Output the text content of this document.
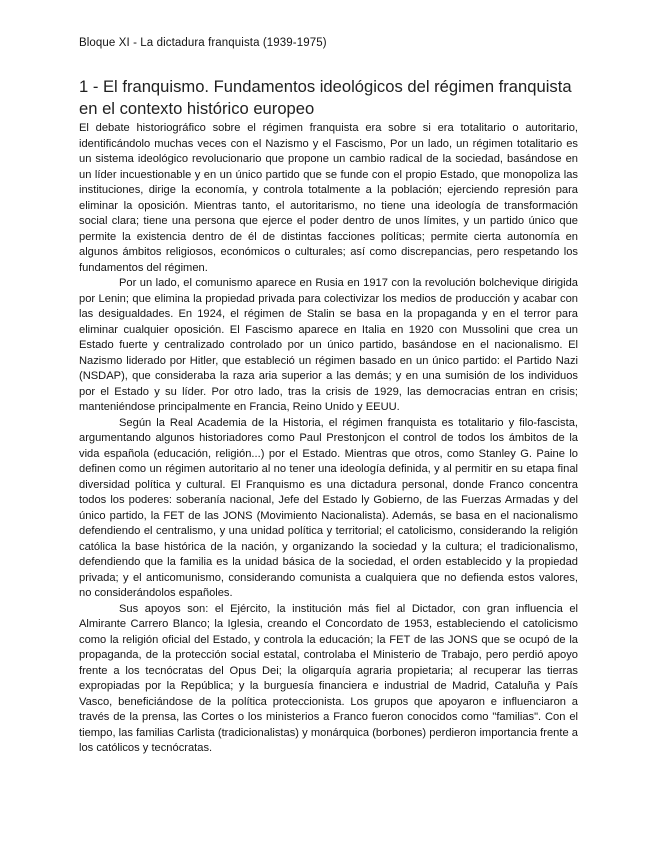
Bloque XI - La dictadura franquista (1939-1975)
1 - El franquismo. Fundamentos ideológicos del régimen franquista en el contexto histórico europeo

El debate historiográfico sobre el régimen franquista era sobre si era totalitario o autoritario, identificándolo muchas veces con el Nazismo y el Fascismo, Por un lado, un régimen totalitario es un sistema ideológico revolucionario que propone un cambio radical de la sociedad, basándose en un líder incuestionable y en un único partido que se funde con el propio Estado, que monopoliza las instituciones, dirige la economía, y controla totalmente a la población; ejerciendo represión para eliminar la oposición. Mientras tanto, el autoritarismo, no tiene una ideología de transformación social clara; tiene una persona que ejerce el poder dentro de unos límites, y un partido único que permite la existencia dentro de él de distintas facciones políticas; permite cierta autonomía en algunos ámbitos religiosos, económicos o culturales; así como discrepancias, pero respetando los fundamentos del régimen.

Por un lado, el comunismo aparece en Rusia en 1917 con la revolución bolchevique dirigida por Lenin; que elimina la propiedad privada para colectivizar los medios de producción y acabar con las desigualdades. En 1924, el régimen de Stalin se basa en la propaganda y en el terror para eliminar cualquier oposición. El Fascismo aparece en Italia en 1920 con Mussolini que crea un Estado fuerte y centralizado controlado por un único partido, basándose en el nacionalismo. El Nazismo liderado por Hitler, que estableció un régimen basado en un único partido: el Partido Nazi (NSDAP), que consideraba la raza aria superior a las demás; y en una sumisión de los individuos por el Estado y su líder. Por otro lado, tras la crisis de 1929, las democracias entran en crisis; manteniéndose principalmente en Francia, Reino Unido y EEUU.

Según la Real Academia de la Historia, el régimen franquista es totalitario y filo-fascista, argumentando algunos historiadores como Paul Prestonjcon el control de todos los ámbitos de la vida española (educación, religión...) por el Estado. Mientras que otros, como Stanley G. Paine lo definen como un régimen autoritario al no tener una ideología definida, y al permitir en su etapa final diversidad política y cultural. El Franquismo es una dictadura personal, donde Franco concentra todos los poderes: soberanía nacional, Jefe del Estado ly Gobierno, de las Fuerzas Armadas y del único partido, la FET de las JONS (Movimiento Nacionalista). Además, se basa en el nacionalismo defendiendo el centralismo, y una unidad política y territorial; el catolicismo, considerando la religión católica la base histórica de la nación, y organizando la sociedad y la cultura; el tradicionalismo, defendiendo que la familia es la unidad básica de la sociedad, el orden establecido y la propiedad privada; y el anticomunismo, considerando comunista a cualquiera que no defienda estos valores, no considerándolos españoles.

Sus apoyos son: el Ejército, la institución más fiel al Dictador, con gran influencia el Almirante Carrero Blanco; la Iglesia, creando el Concordato de 1953, estableciendo el catolicismo como la religión oficial del Estado, y controla la educación; la FET de las JONS que se ocupó de la propaganda, de la protección social estatal, controlaba el Ministerio de Trabajo, pero perdió apoyo frente a los tecnócratas del Opus Dei; la oligarquía agraria propietaria; al recuperar las tierras expropiadas por la República; y la burguesía financiera e industrial de Madrid, Cataluña y País Vasco, beneficiándose de la política proteccionista. Los grupos que apoyaron e influenciaron a través de la prensa, las Cortes o los ministerios a Franco fueron conocidos como "familias". Con el tiempo, las familias Carlista (tradicionalistas) y monárquica (borbones) perdieron importancia frente a los católicos y tecnócratas.
